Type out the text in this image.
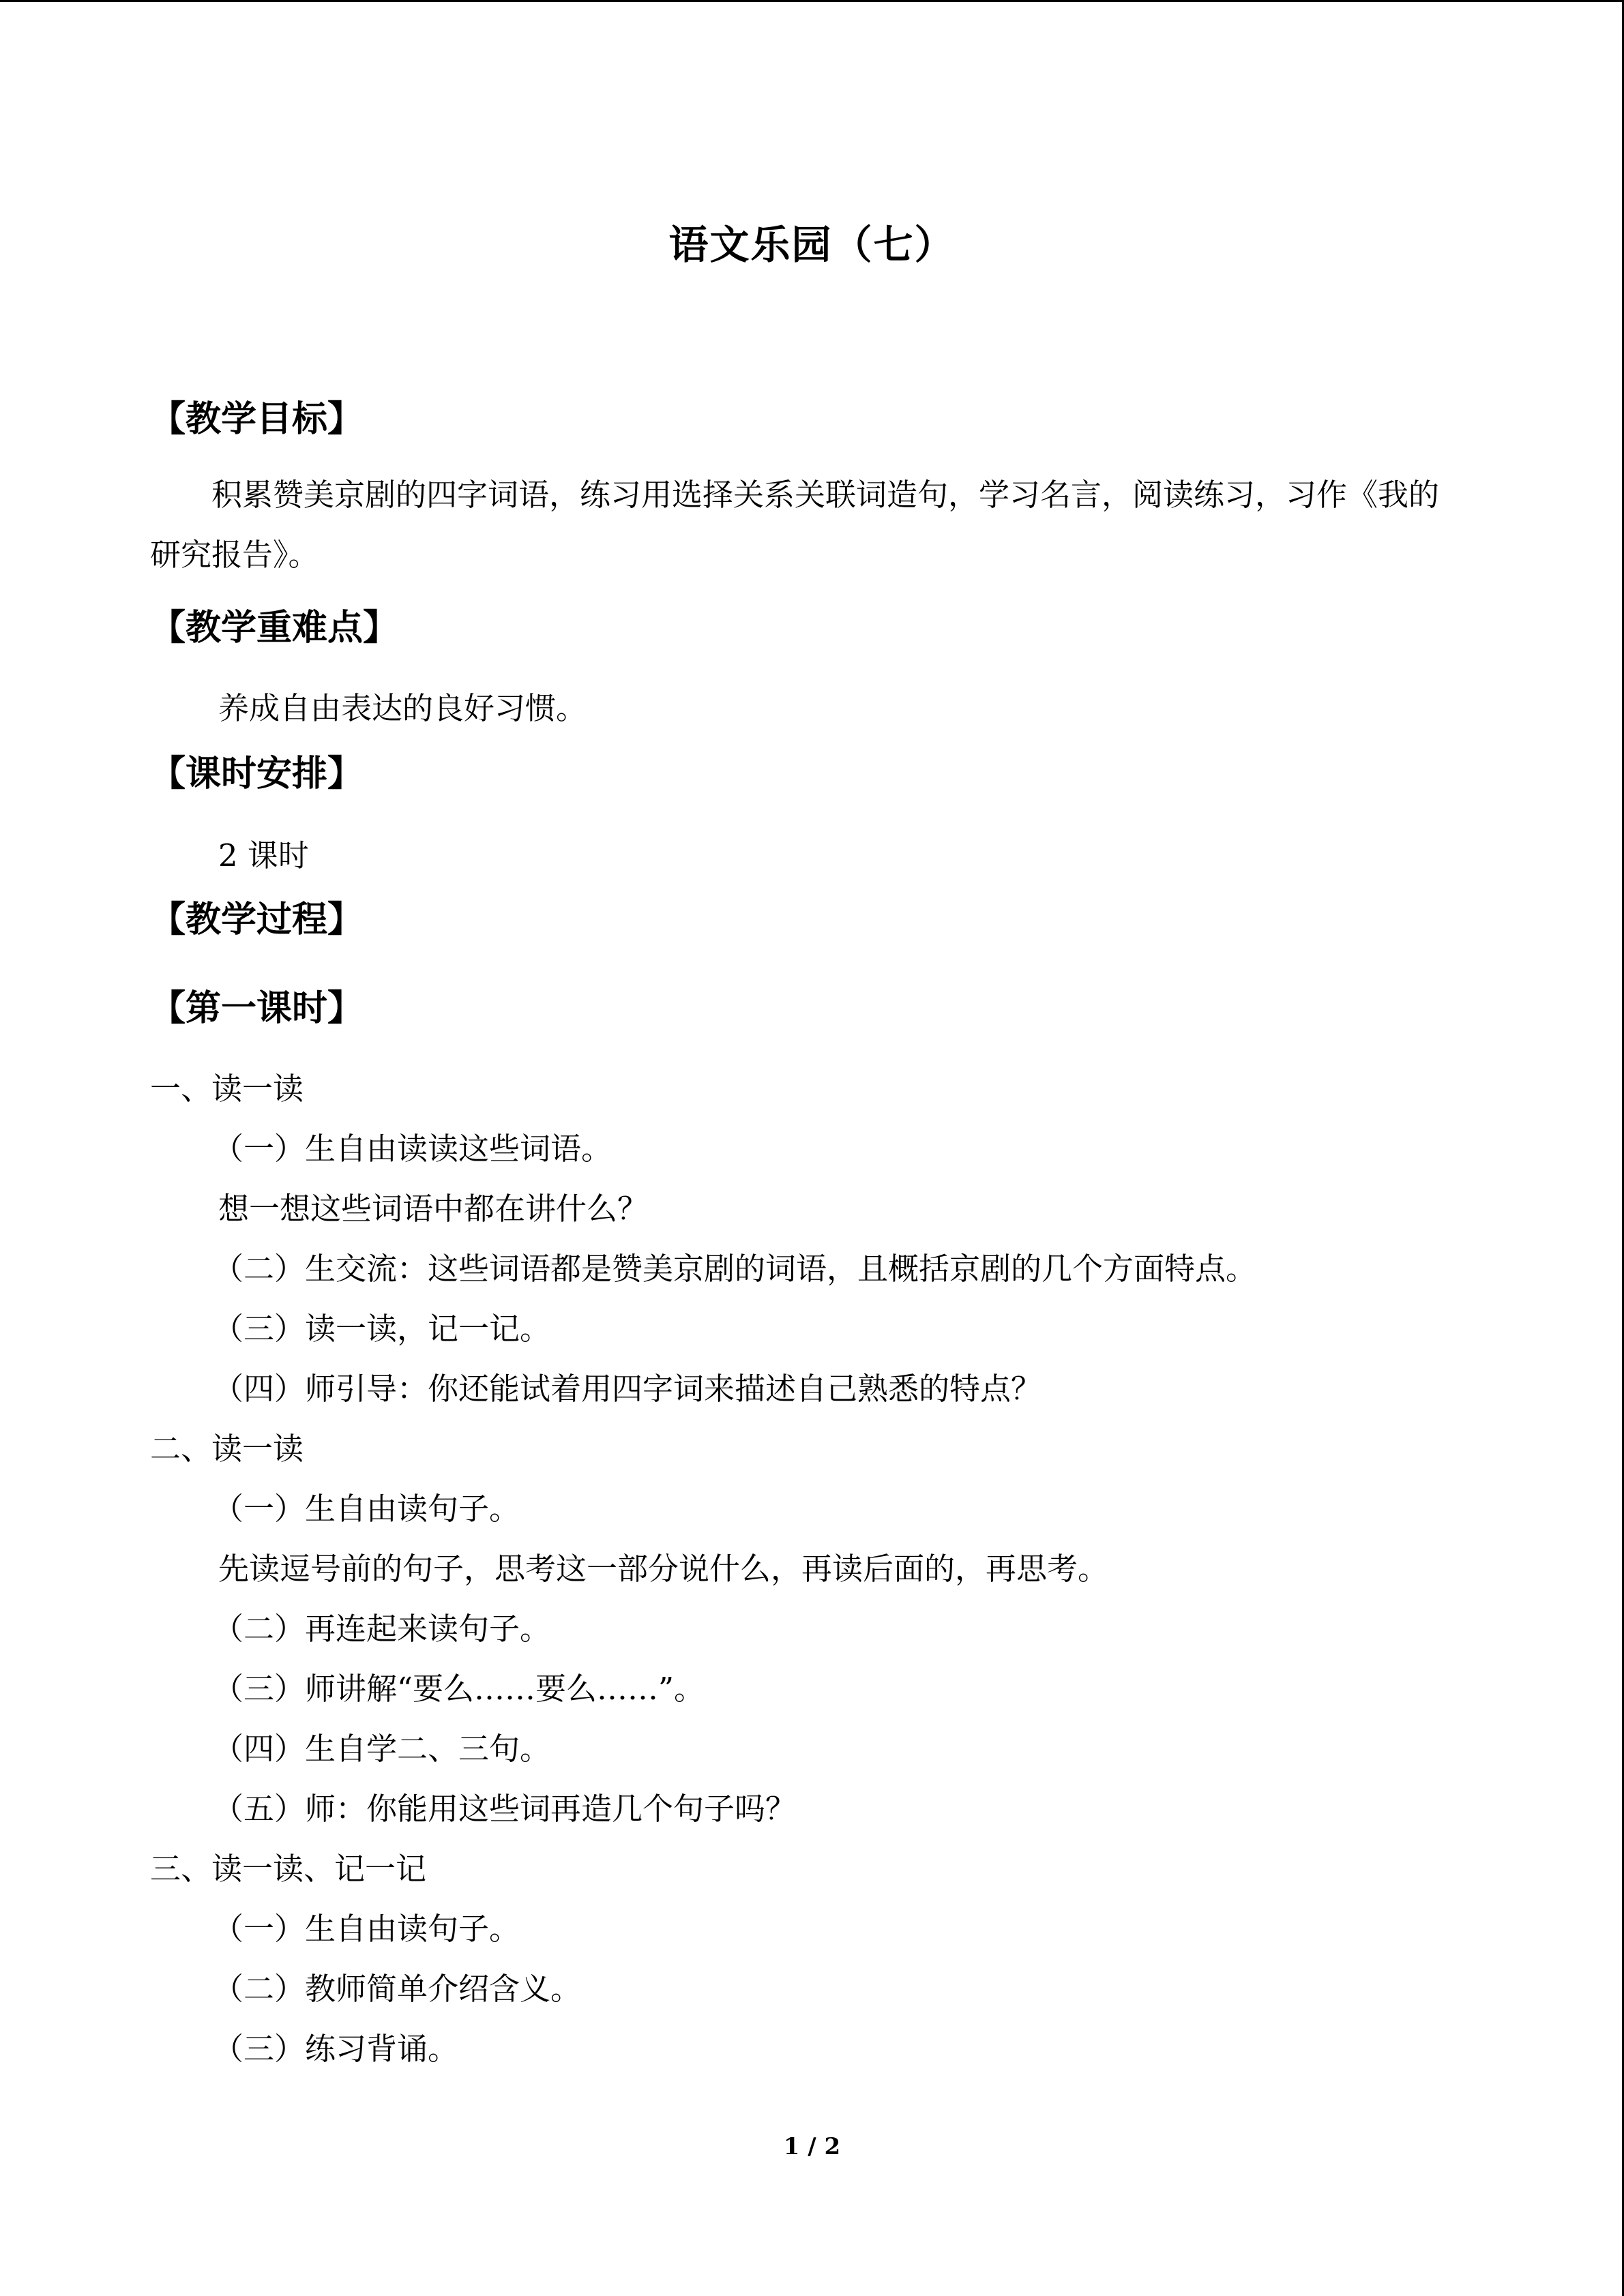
语文乐园（七）
【教学目标】
积累赞美京剧的四字词语，练习用选择关系关联词造句，学习名言，阅读练习，习作《我的研究报告》。
【教学重难点】
养成自由表达的良好习惯。
【课时安排】
2 课时
【教学过程】
【第一课时】
一、读一读
（一）生自由读读这些词语。
想一想这些词语中都在讲什么？
（二）生交流：这些词语都是赞美京剧的词语，且概括京剧的几个方面特点。
（三）读一读，记一记。
（四）师引导：你还能试着用四字词来描述自己熟悉的特点？
二、读一读
（一）生自由读句子。
先读逗号前的句子，思考这一部分说什么，再读后面的，再思考。
（二）再连起来读句子。
（三）师讲解“要么……要么……”。
（四）生自学二、三句。
（五）师：你能用这些词再造几个句子吗？
三、读一读、记一记
（一）生自由读句子。
（二）教师简单介绍含义。
（三）练习背诵。
1 / 2
